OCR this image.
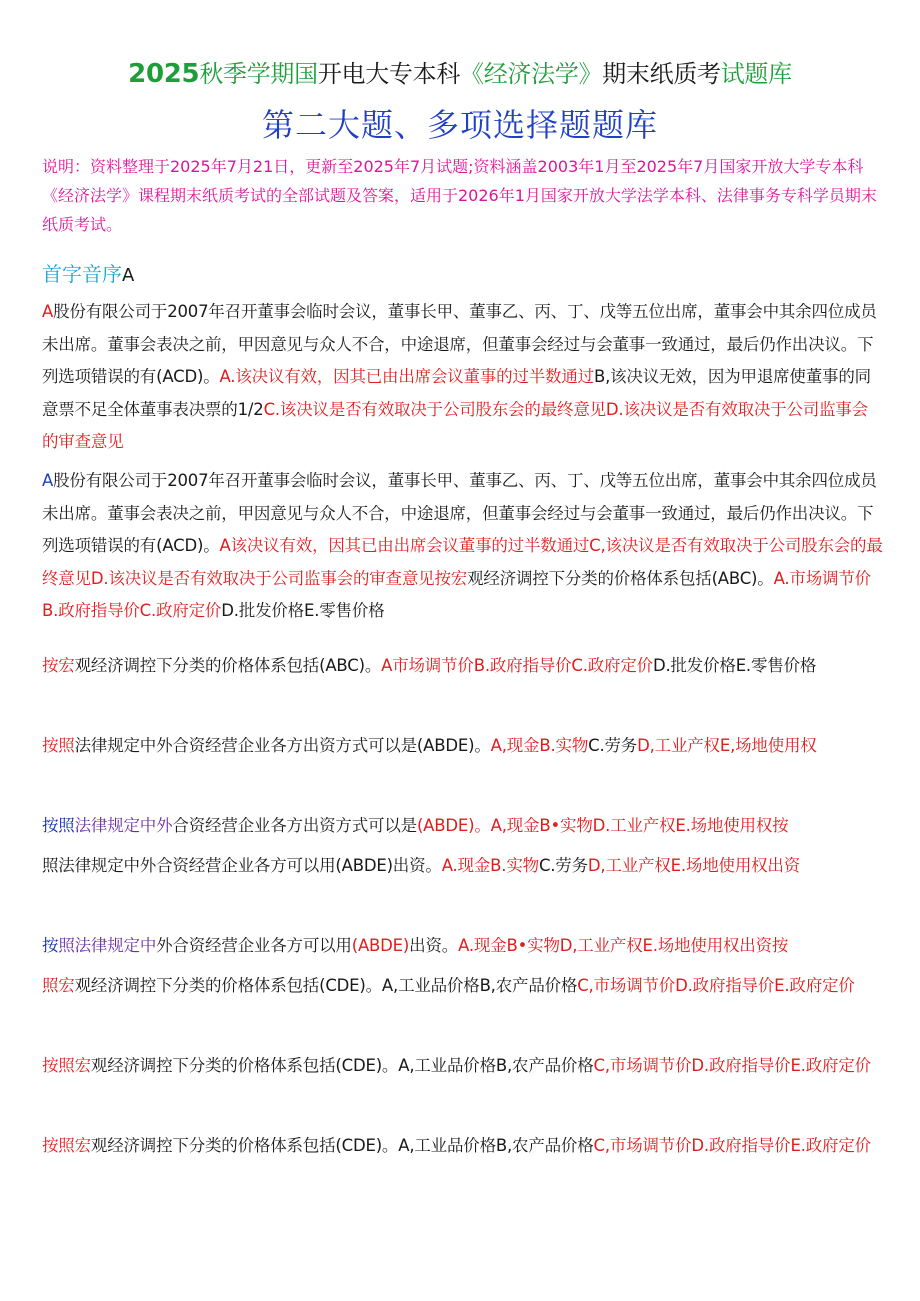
2025秋季学期国开电大专本科《经济法学》期末纸质考试题库
第二大题、多项选择题题库
说明：资料整理于2025年7月21日，更新至2025年7月试题;资料涵盖2003年1月至2025年7月国家开放大学专本科《经济法学》课程期末纸质考试的全部试题及答案，适用于2026年1月国家开放大学法学本科、法律事务专科学员期末纸质考试。
首字音序A
A股份有限公司于2007年召开董事会临时会议，董事长甲、董事乙、丙、丁、戊等五位出席，董事会中其余四位成员未出席。董事会表决之前，甲因意见与众人不合，中途退席，但董事会经过与会董事一致通过，最后仍作出决议。下列选项错误的有(ACD)。A.该决议有效，因其已由出席会议董事的过半数通过B,该决议无效，因为甲退席使董事的同意票不足全体董事表决票的1/2C.该决议是否有效取决于公司股东会的最终意见D.该决议是否有效取决于公司监事会的审查意见
A股份有限公司于2007年召开董事会临时会议，董事长甲、董事乙、丙、丁、戊等五位出席，董事会中其余四位成员未出席。董事会表决之前，甲因意见与众人不合，中途退席，但董事会经过与会董事一致通过，最后仍作出决议。下列选项错误的有(ACD)。A该决议有效，因其已由出席会议董事的过半数通过C,该决议是否有效取决于公司股东会的最终意见D.该决议是否有效取决于公司监事会的审查意见按宏观经济调控下分类的价格体系包括(ABC)。A.市场调节价B.政府指导价C.政府定价D.批发价格E.零售价格
按宏观经济调控下分类的价格体系包括(ABC)。A市场调节价B.政府指导价C.政府定价D.批发价格E.零售价格
按照法律规定中外合资经营企业各方出资方式可以是(ABDE)。A,现金B.实物C.劳务D,工业产权E,场地使用权
按照法律规定中外合资经营企业各方出资方式可以是(ABDE)。A,现金B•实物D.工业产权E.场地使用权按
照法律规定中外合资经营企业各方可以用(ABDE)出资。A.现金B.实物C.劳务D,工业产权E.场地使用权出资
按照法律规定中外合资经营企业各方可以用(ABDE)出资。A.现金B•实物D,工业产权E.场地使用权出资按
照宏观经济调控下分类的价格体系包括(CDE)。A,工业品价格B,农产品价格C,市场调节价D.政府指导价E.政府定价
按照宏观经济调控下分类的价格体系包括(CDE)。A,工业品价格B,农产品价格C,市场调节价D.政府指导价E.政府定价
按照宏观经济调控下分类的价格体系包括(CDE)。A,工业品价格B,农产品价格C,市场调节价D.政府指导价E.政府定价
